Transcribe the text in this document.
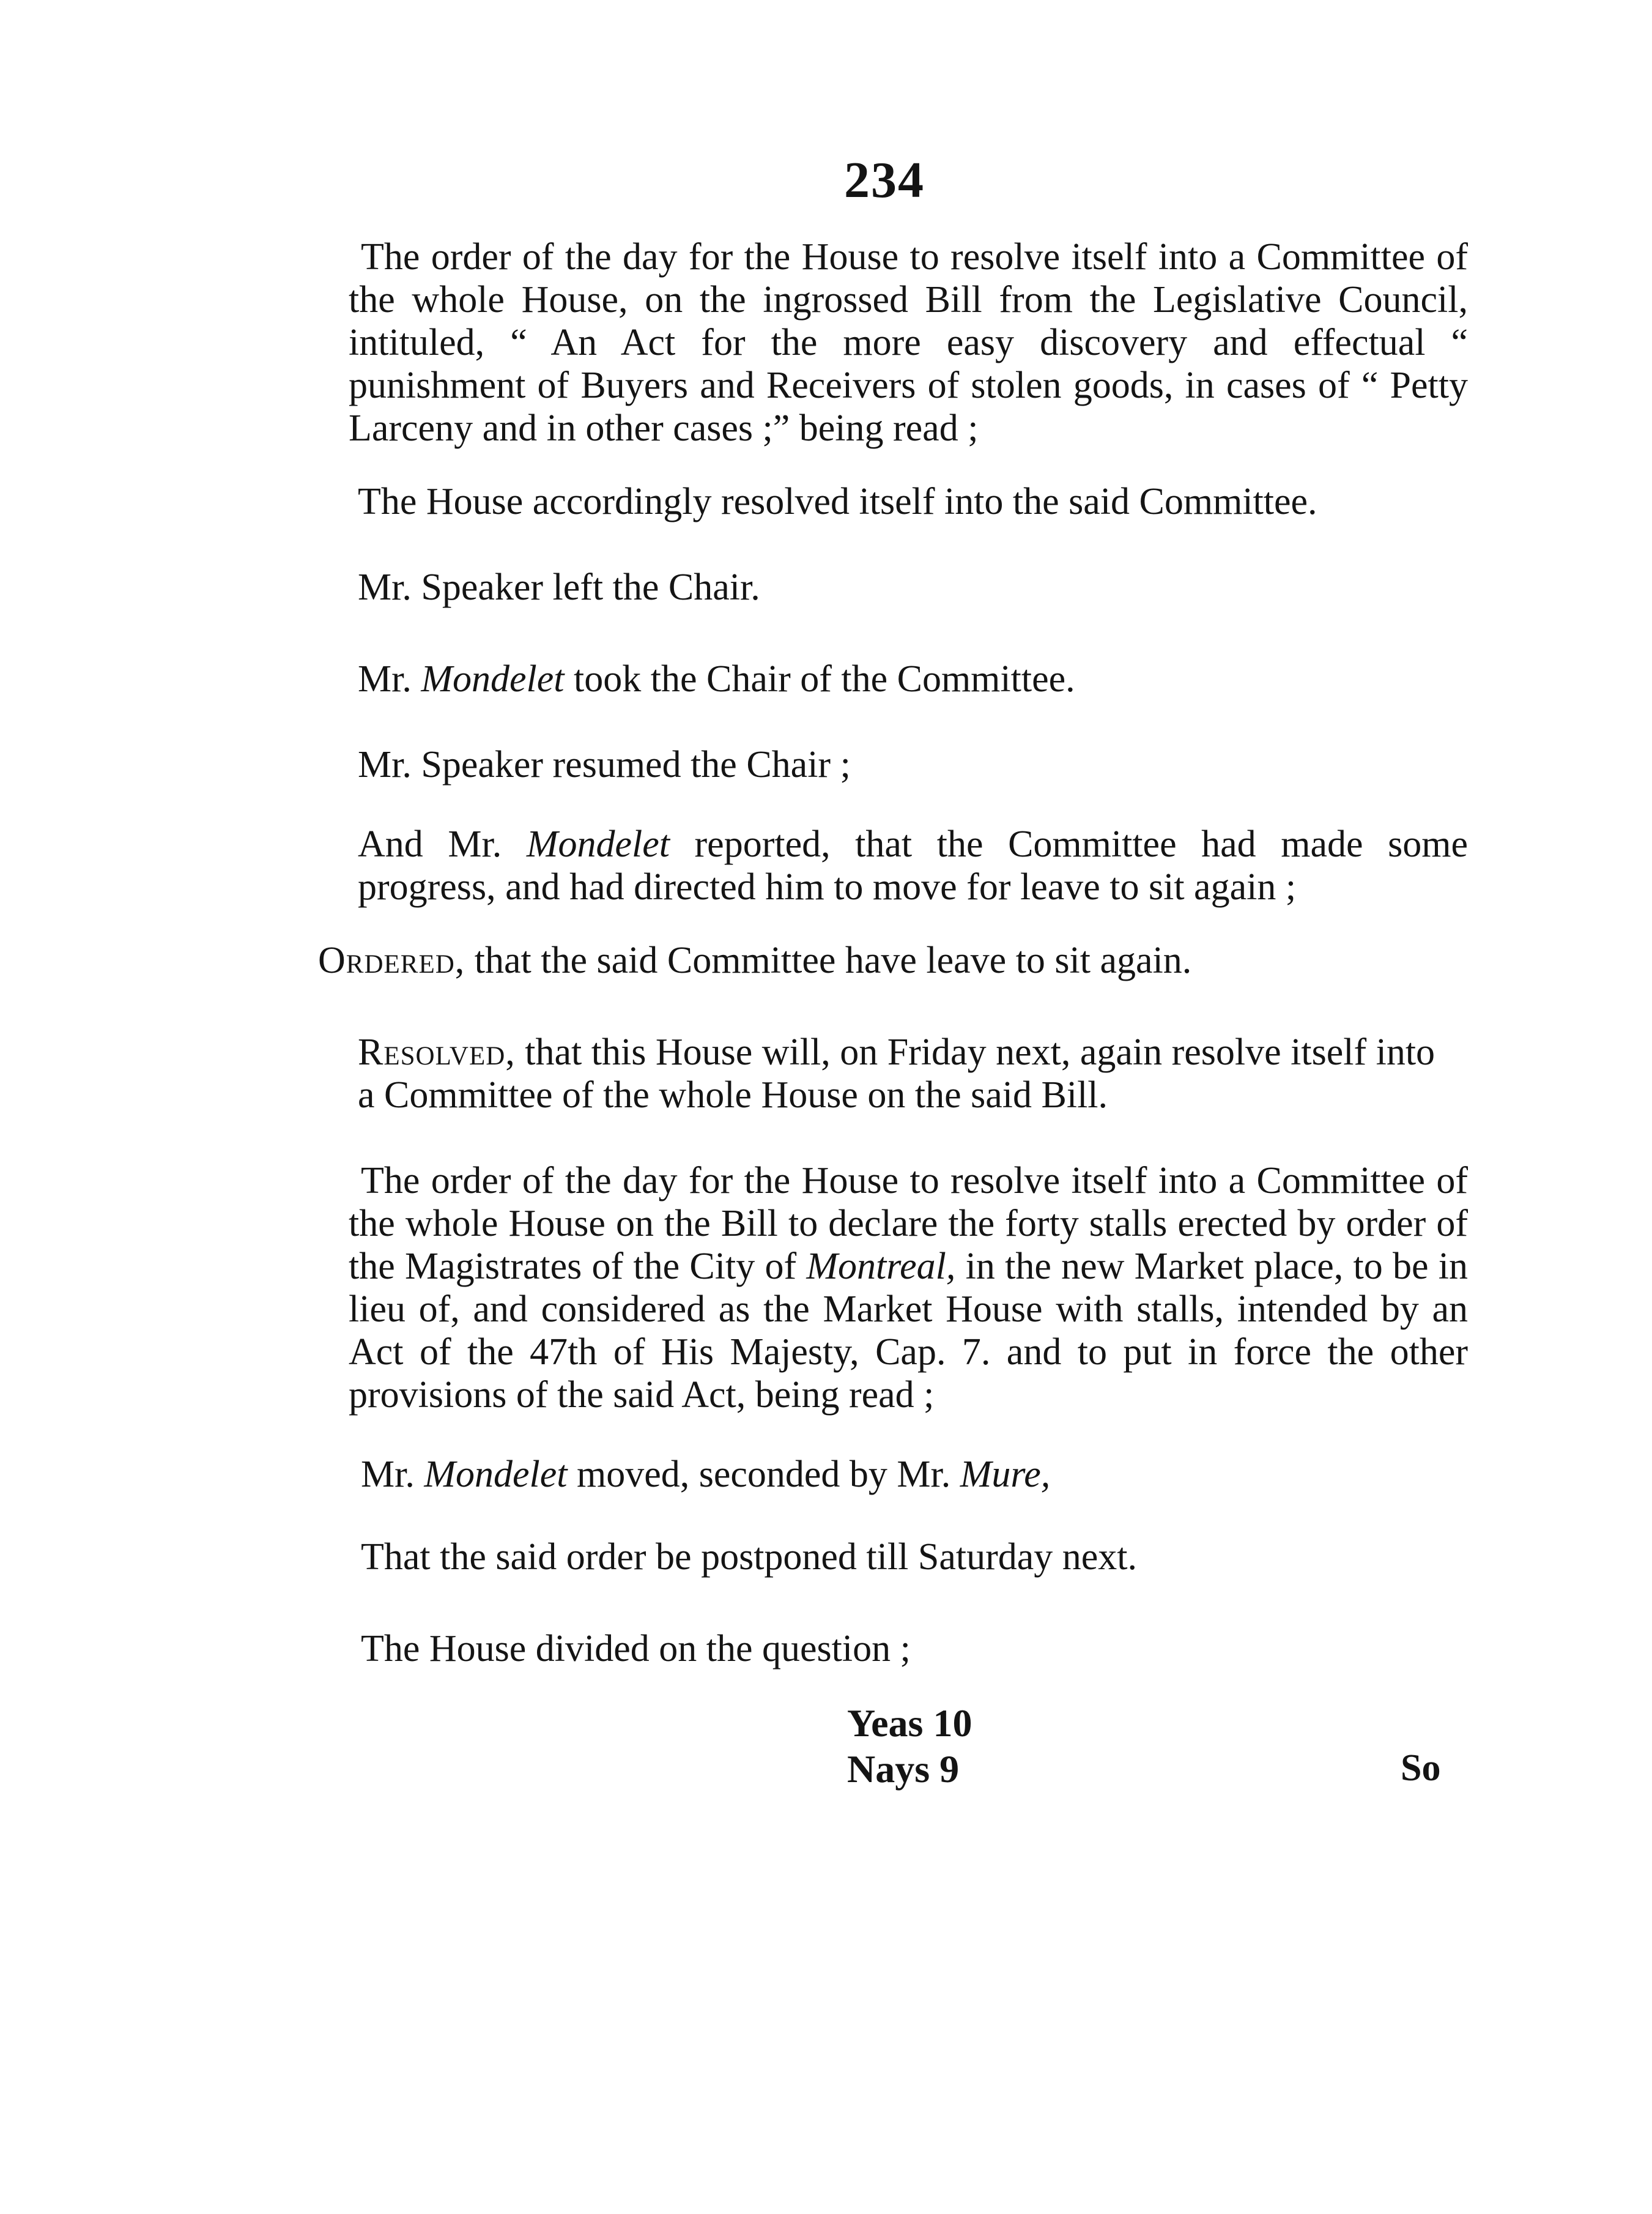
234
The order of the day for the House to resolve itself into a Committee of the whole House, on the ingrossed Bill from the Legislative Council, intituled, “ An Act for the more easy discovery and effectual “ punishment of Buyers and Receivers of stolen goods, in cases of “ Petty Larceny and in other cases ;” being read ;
The House accordingly resolved itself into the said Committee.
Mr. Speaker left the Chair.
Mr. Mondelet took the Chair of the Committee.
Mr. Speaker resumed the Chair ;
And Mr. Mondelet reported, that the Committee had made some progress, and had directed him to move for leave to sit again ;
Ordered, that the said Committee have leave to sit again.
Resolved, that this House will, on Friday next, again resolve itself into a Committee of the whole House on the said Bill.
The order of the day for the House to resolve itself into a Committee of the whole House on the Bill to declare the forty stalls erected by order of the Magistrates of the City of Montreal, in the new Market place, to be in lieu of, and considered as the Market House with stalls, intended by an Act of the 47th of His Majesty, Cap. 7. and to put in force the other provisions of the said Act, being read ;
Mr. Mondelet moved, seconded by Mr. Mure,
That the said order be postponed till Saturday next.
The House divided on the question ;
Yeas 10
Nays 9	So
